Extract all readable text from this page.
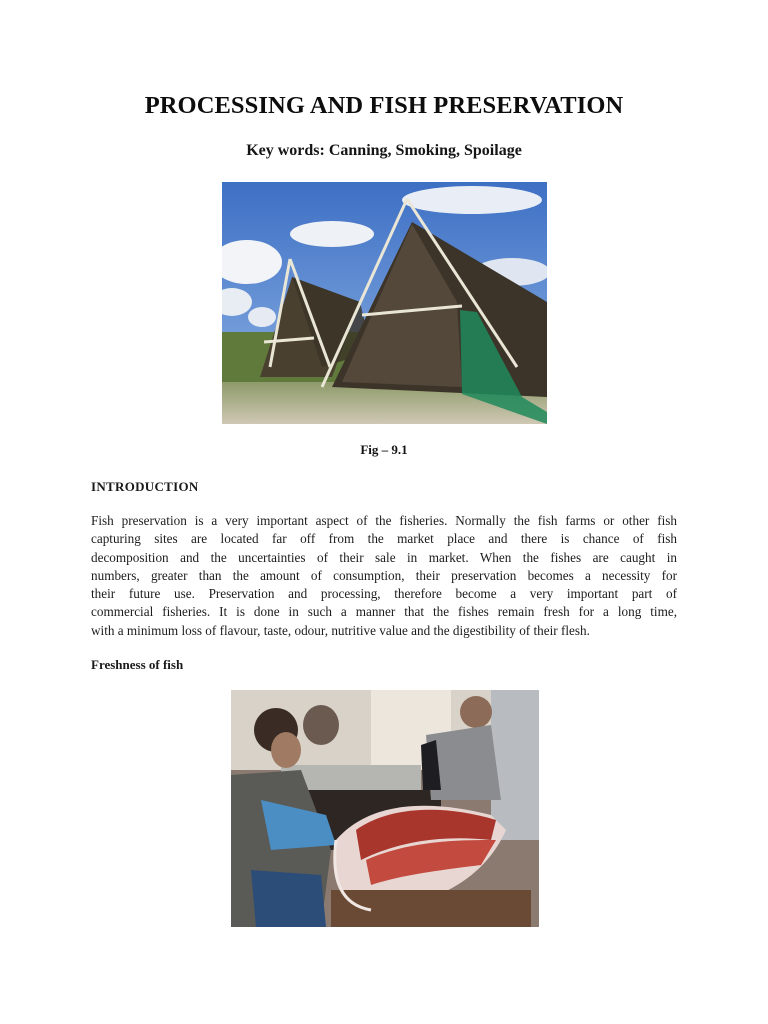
PROCESSING AND FISH PRESERVATION
Key words: Canning, Smoking, Spoilage
Fig – 9.1
INTRODUCTION
Fish preservation is a very important aspect of the fisheries. Normally the fish farms or other fish
capturing sites are located far off from the market place and there is chance of fish
decomposition and the uncertainties of their sale in market. When the fishes are caught in
numbers, greater than the amount of consumption, their preservation becomes a necessity for
their future use. Preservation and processing, therefore become a very important part of
commercial fisheries. It is done in such a manner that the fishes remain fresh for a long time,
with a minimum loss of flavour, taste, odour, nutritive value and the digestibility of their flesh.
Freshness of fish
